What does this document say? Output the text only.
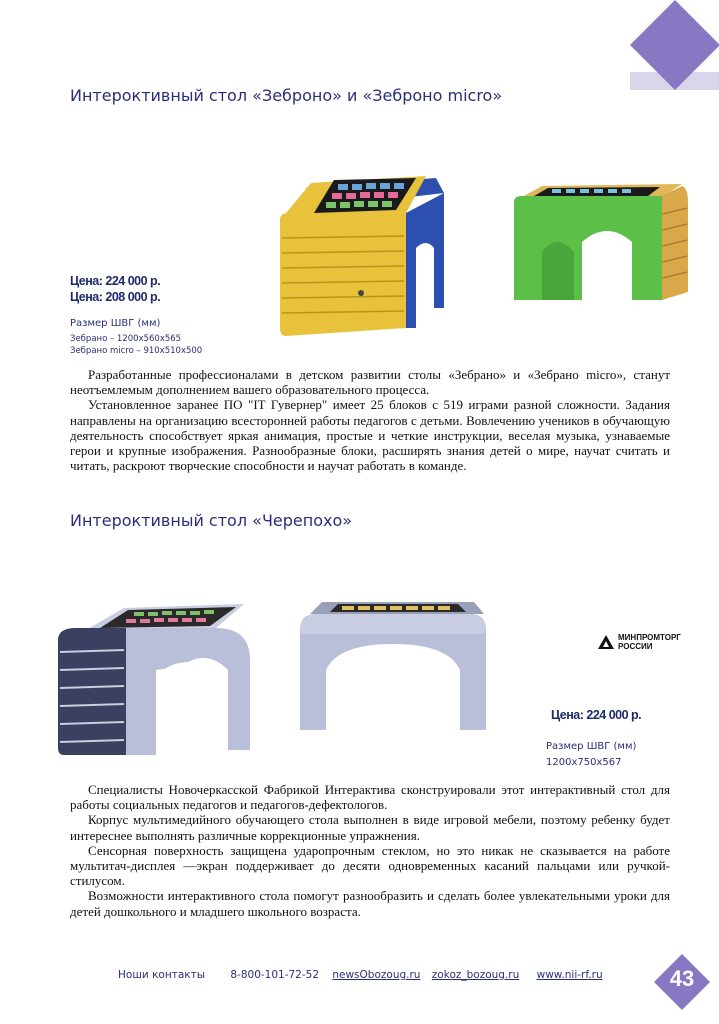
Интероктивный стол «Зеброно» и «Зеброно micro»
Цена: 224 000 р.
Цена: 208 000 р.
Размер ШВГ (мм)
Зебрано – 1200х560х565
Зебрано micro – 910х510х500

Разработанные профессионалами в детском развитии столы «Зебрано» и «Зебрано micro», станут неотъемлемым дополнением вашего образовательного процесса.

Установленное заранее ПО "IT Гувернер" имеет 25 блоков с 519 играми разной сложности. Задания направлены на организацию всесторонней работы педагогов с детьми. Вовлечению учеников в обучающую деятельность способствует яркая анимация, простые и четкие инструкции, веселая музыка, узнаваемые герои и крупные изображения. Разнообразные блоки, расширять знания детей о мире, научат считать и читать, раскроют творческие способности и научат работать в команде.

Интероктивный стол «Черепохо»
МИНПРОМТОРГ
РОССИИ
Цена: 224 000 р.
Размер ШВГ (мм)
1200х750х567

Специалисты Новочеркасской Фабрикой Интерактива сконструировали этот интерактивный стол для работы социальных педагогов и педагогов-дефектологов.

Корпус мультимедийного обучающего стола выполнен в виде игровой мебели, поэтому ребенку будет интереснее выполнять различные коррекционные упражнения.

Сенсорная поверхность защищена ударопрочным стеклом, но это никак не сказывается на работе мультитач-дисплея —экран поддерживает до десяти одновременных касаний пальцами или ручкой-стилусом.

Возможности интерактивного стола помогут разнообразить и сделать более увлекательными уроки для детей дошкольного и младшего школьного возраста.

Ноши контакты 8-800-101-72-52 newsObozoug.ru zokoz_bozoug.ru www.nii-rf.ru	43
